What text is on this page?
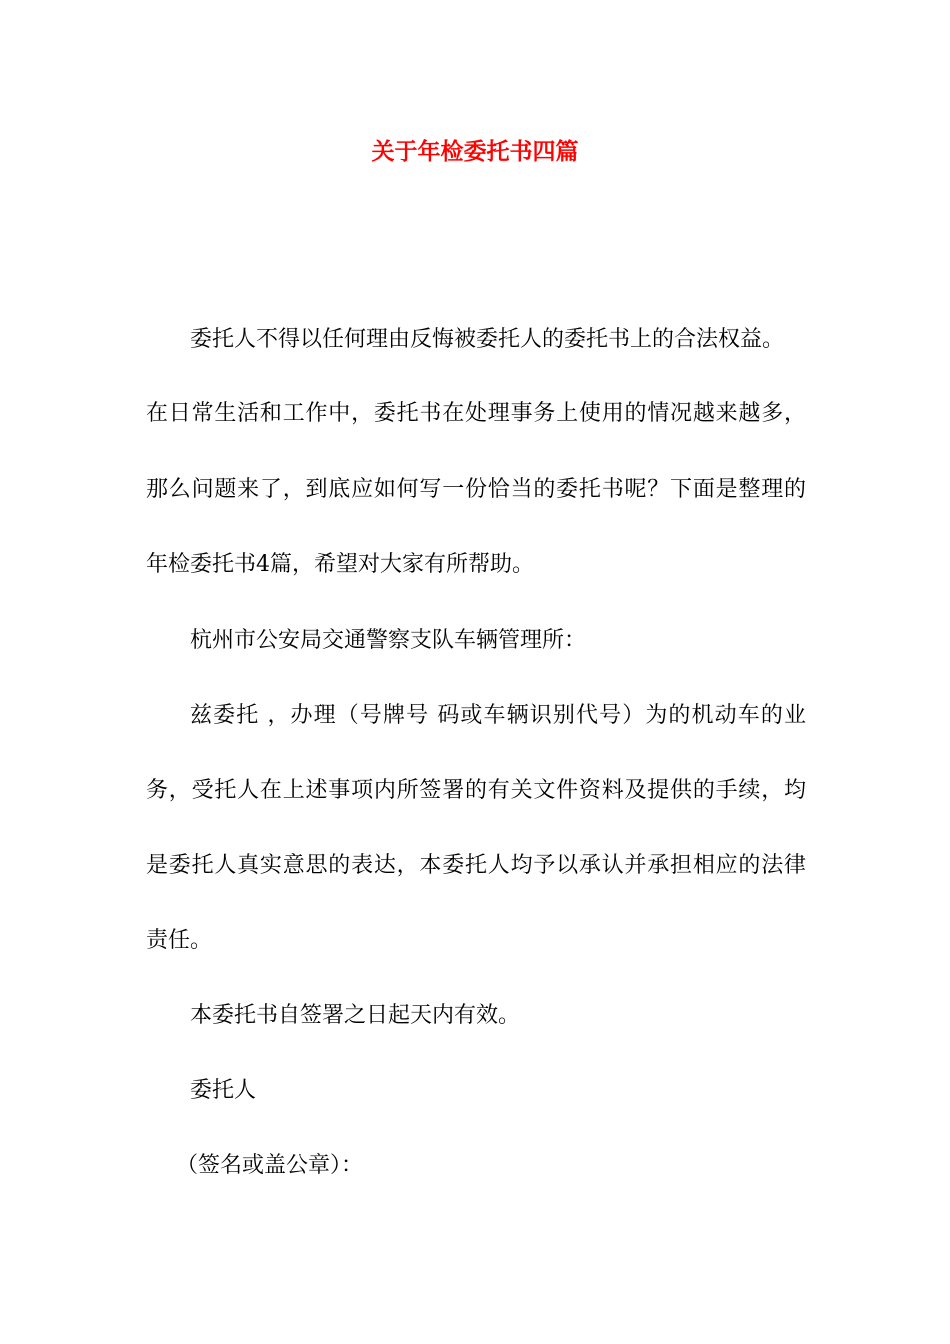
关于年检委托书四篇
委托人不得以任何理由反悔被委托人的委托书上的合法权益。
在日常生活和工作中，委托书在处理事务上使用的情况越来越多，
那么问题来了，到底应如何写一份恰当的委托书呢？下面是整理的
年检委托书4篇，希望对大家有所帮助。
杭州市公安局交通警察支队车辆管理所：
兹委托 ，办理（号牌号 码或车辆识别代号）为的机动车的业
务，受托人在上述事项内所签署的有关文件资料及提供的手续，均
是委托人真实意思的表达，本委托人均予以承认并承担相应的法律
责任。
本委托书自签署之日起天内有效。
委托人
（签名或盖公章）：
